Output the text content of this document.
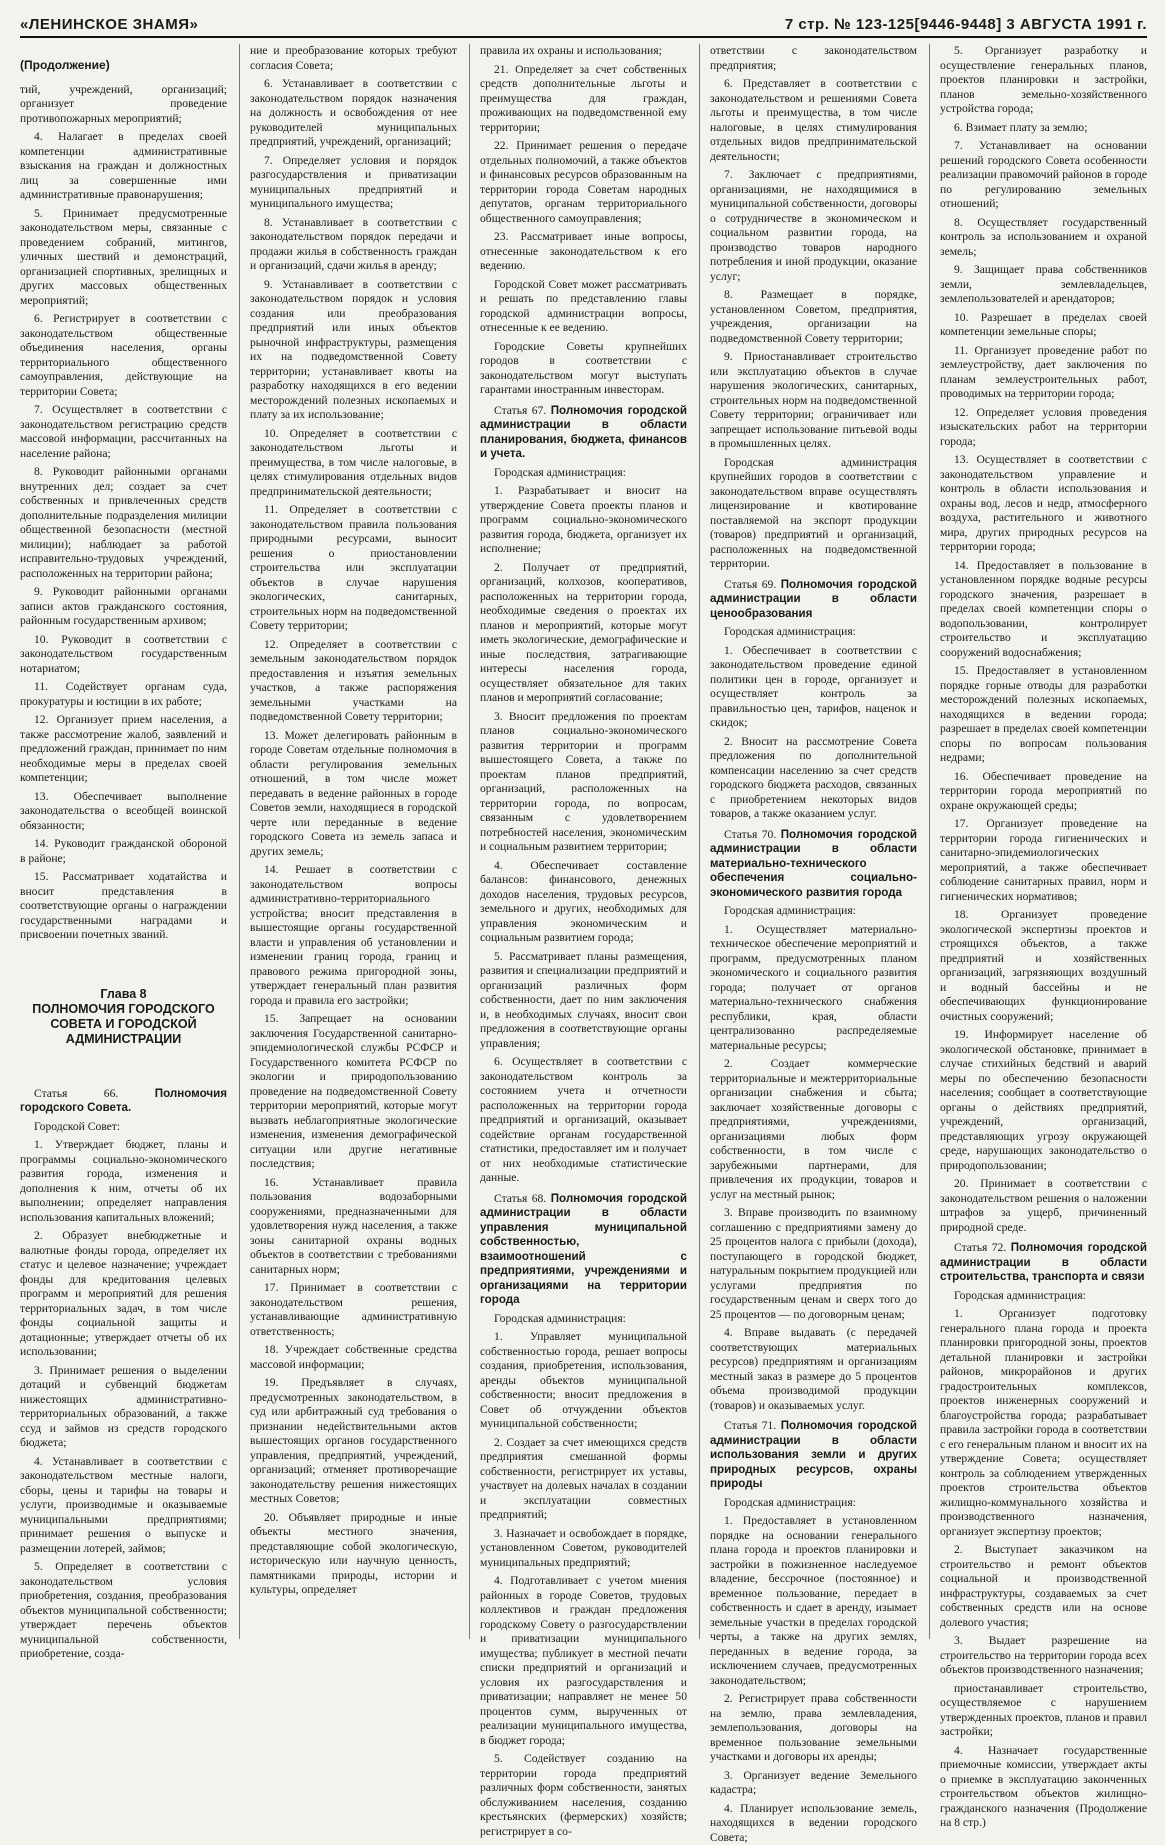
«ЛЕНИНСКОЕ ЗНАМЯ»	7 стр. № 123-125[9446-9448] 3 АВГУСТА 1991 г.

(Продолжение)

тий, учреждений, организаций; организует проведение противопожарных мероприятий;

4. Налагает в пределах своей компетенции административные взыскания на граждан и должностных лиц за совершенные ими административные правонарушения;

5. Принимает предусмотренные законодательством меры, связанные с проведением собраний, митингов, уличных шествий и демонстраций, организацией спортивных, зрелищных и других массовых общественных мероприятий;

6. Регистрирует в соответствии с законодательством общественные объединения населения, органы территориального общественного самоуправления, действующие на территории Совета;

7. Осуществляет в соответствии с законодательством регистрацию средств массовой информации, рассчитанных на население района;

8. Руководит районными органами внутренних дел; создает за счет собственных и привлеченных средств дополнительные подразделения милиции общественной безопасности (местной милиции); наблюдает за работой исправительно-трудовых учреждений, расположенных на территории района;

9. Руководит районными органами записи актов гражданского состояния, районным государственным архивом;

10. Руководит в соответствии с законодательством государственным нотариатом;

11. Содействует органам суда, прокуратуры и юстиции в их работе;

12. Организует прием населения, а также рассмотрение жалоб, заявлений и предложений граждан, принимает по ним необходимые меры в пределах своей компетенции;

13. Обеспечивает выполнение законодательства о всеобщей воинской обязанности;

14. Руководит гражданской обороной в районе;

15. Рассматривает ходатайства и вносит представления в соответствующие органы о награждении государственными наградами и присвоении почетных званий.

Глава 8
ПОЛНОМОЧИЯ ГОРОДСКОГО СОВЕТА И ГОРОДСКОЙ АДМИНИСТРАЦИИ

Статья 66.	Полномочия городского Совета.

Городской Совет:

1. Утверждает бюджет, планы и программы социально-экономического развития города, изменения и дополнения к ним, отчеты об их выполнении; определяет направления использования капитальных вложений;

2. Образует внебюджетные и валютные фонды города, определяет их статус и целевое назначение; учреждает фонды для кредитования целевых программ и мероприятий для решения территориальных задач, в том числе фонды социальной защиты и дотационные; утверждает отчеты об их использовании;

3. Принимает решения о выделении дотаций и субвенций бюджетам нижестоящих административно-территориальных образований, а также ссуд и займов из средств городского бюджета;

4. Устанавливает в соответствии с законодательством местные налоги, сборы, цены и тарифы на товары и услуги, производимые и оказываемые муниципальными предприятиями; принимает решения о выпуске и размещении лотерей, займов;

5. Определяет в соответствии с законодательством условия приобретения, создания, преобразования объектов муниципальной собственности; утверждает перечень объектов муниципальной собственности, приобретение, созда-

ние и преобразование которых требуют согласия Совета;

6. Устанавливает в соответствии с законодательством порядок назначения на должность и освобождения от нее руководителей муниципальных предприятий, учреждений, организаций;

7. Определяет условия и порядок разгосударствления и приватизации муниципальных предприятий и муниципального имущества;

8. Устанавливает в соответствии с законодательством порядок передачи и продажи жилья в собственность граждан и организаций, сдачи жилья в аренду;

9. Устанавливает в соответствии с законодательством порядок и условия создания или преобразования предприятий или иных объектов рыночной инфраструктуры, размещения их на подведомственной Совету территории; устанавливает квоты на разработку находящихся в его ведении месторождений полезных ископаемых и плату за их использование;

10. Определяет в соответствии с законодательством льготы и преимущества, в том числе налоговые, в целях стимулирования отдельных видов предпринимательской деятельности;

11. Определяет в соответствии с законодательством правила пользования природными ресурсами, выносит решения о приостановлении строительства или эксплуатации объектов в случае нарушения экологических, санитарных, строительных норм на подведомственной Совету территории;

12. Определяет в соответствии с земельным законодательством порядок предоставления и изъятия земельных участков, а также распоряжения земельными участками на подведомственной Совету территории;

13. Может делегировать районным в городе Советам отдельные полномочия в области регулирования земельных отношений, в том числе может передавать в ведение районных в городе Советов земли, находящиеся в городской черте или переданные в ведение городского Совета из земель запаса и других земель;

14. Решает в соответствии с законодательством вопросы административно-территориального устройства; вносит представления в вышестоящие органы государственной власти и управления об установлении и изменении границ города, границ и правового режима пригородной зоны, утверждает генеральный план развития города и правила его застройки;

15. Запрещает на основании заключения Государственной санитарно-эпидемиологической службы РСФСР и Государственного комитета РСФСР по экологии и природопользованию проведение на подведомственной Совету территории мероприятий, которые могут вызвать неблагоприятные экологические изменения, изменения демографической ситуации или другие негативные последствия;

16. Устанавливает правила пользования водозаборными сооружениями, предназначенными для удовлетворения нужд населения, а также зоны санитарной охраны водных объектов в соответствии с требованиями санитарных норм;

17. Принимает в соответствии с законодательством решения, устанавливающие административную ответственность;

18. Учреждает собственные средства массовой информации;

19. Предъявляет в случаях, предусмотренных законодательством, в суд или арбитражный суд требования о признании недействительными актов вышестоящих органов государственного управления, предприятий, учреждений, организаций; отменяет противоречащие законодательству решения нижестоящих местных Советов;

20. Объявляет природные и иные объекты местного значения, представляющие собой экологическую, историческую или научную ценность, памятниками природы, истории и культуры, определяет

правила их охраны и использования;

21. Определяет за счет собственных средств дополнительные льготы и преимущества для граждан, проживающих на подведомственной ему территории;

22. Принимает решения о передаче отдельных полномочий, а также объектов и финансовых ресурсов образованным на территории города Советам народных депутатов, органам территориального общественного самоуправления;

23. Рассматривает иные вопросы, отнесенные законодательством к его ведению.

Городской Совет может рассматривать и решать по представлению главы городской администрации вопросы, отнесенные к ее ведению.

Городские Советы крупнейших городов в соответствии с законодательством могут выступать гарантами иностранным инвесторам.

Статья 67. Полномочия городской администрации в области планирования, бюджета, финансов и учета.

Городская администрация:

1. Разрабатывает и вносит на утверждение Совета проекты планов и программ социально-экономического развития города, бюджета, организует их исполнение;

2. Получает от предприятий, организаций, колхозов, кооперативов, расположенных на территории города, необходимые сведения о проектах их планов и мероприятий, которые могут иметь экологические, демографические и иные последствия, затрагивающие интересы населения города, осуществляет обязательное для таких планов и мероприятий согласование;

3. Вносит предложения по проектам планов социально-экономического развития территории и программ вышестоящего Совета, а также по проектам планов предприятий, организаций, расположенных на территории города, по вопросам, связанным с удовлетворением потребностей населения, экономическим и социальным развитием территории;

4. Обеспечивает составление балансов: финансового, денежных доходов населения, трудовых ресурсов, земельного и других, необходимых для управления экономическим и социальным развитием города;

5. Рассматривает планы размещения, развития и специализации предприятий и организаций различных форм собственности, дает по ним заключения и, в необходимых случаях, вносит свои предложения в соответствующие органы управления;

6. Осуществляет в соответствии с законодательством контроль за состоянием учета и отчетности расположенных на территории города предприятий и организаций, оказывает содействие органам государственной статистики, предоставляет им и получает от них необходимые статистические данные.

Статья 68. Полномочия городской администрации в области управления муниципальной собственностью, взаимоотношений с предприятиями, учреждениями и организациями на территории города

Городская администрация:

1. Управляет муниципальной собственностью города, решает вопросы создания, приобретения, использования, аренды объектов муниципальной собственности; вносит предложения в Совет об отчуждении объектов муниципальной собственности;

2. Создает за счет имеющихся средств предприятия смешанной формы собственности, регистрирует их уставы, участвует на долевых началах в создании и эксплуатации совместных предприятий;

3. Назначает и освобождает в порядке, установленном Советом, руководителей муниципальных предприятий;

4. Подготавливает с учетом мнения районных в городе Советов, трудовых коллективов и граждан предложения городскому Совету о разгосударствлении и приватизации муниципального имущества; публикует в местной печати списки предприятий и организаций и условия их разгосударствления и приватизации; направляет не менее 50 процентов сумм, вырученных от реализации муниципального имущества, в бюджет города;

5. Содействует созданию на территории города предприятий различных форм собственности, занятых обслуживанием населения, созданию крестьянских (фермерских) хозяйств; регистрирует в со-

ответствии с законодательством предприятия;

6. Представляет в соответствии с законодательством и решениями Совета льготы и преимущества, в том числе налоговые, в целях стимулирования отдельных видов предпринимательской деятельности;

7. Заключает с предприятиями, организациями, не находящимися в муниципальной собственности, договоры о сотрудничестве в экономическом и социальном развитии города, на производство товаров народного потребления и иной продукции, оказание услуг;

8. Размещает в порядке, установленном Советом, предприятия, учреждения, организации на подведомственной Совету территории;

9. Приостанавливает строительство или эксплуатацию объектов в случае нарушения экологических, санитарных, строительных норм на подведомственной Совету территории; ограничивает или запрещает использование питьевой воды в промышленных целях.

Городская администрация крупнейших городов в соответствии с законодательством вправе осуществлять лицензирование и квотирование поставляемой на экспорт продукции (товаров) предприятий и организаций, расположенных на подведомственной территории.

Статья 69. Полномочия городской администрации в области ценообразования

Городская администрация:

1. Обеспечивает в соответствии с законодательством проведение единой политики цен в городе, организует и осуществляет контроль за правильностью цен, тарифов, наценок и скидок;

2. Вносит на рассмотрение Совета предложения по дополнительной компенсации населению за счет средств городского бюджета расходов, связанных с приобретением некоторых видов товаров, а также оказанием услуг.

Статья 70. Полномочия городской администрации в области материально-технического обеспечения социально-экономического развития города

Городская администрация:

1. Осуществляет материально-техническое обеспечение мероприятий и программ, предусмотренных планом экономического и социального развития города; получает от органов материально-технического снабжения республики, края, области централизованно распределяемые материальные ресурсы;

2. Создает коммерческие территориальные и межтерриториальные организации снабжения и сбыта; заключает хозяйственные договоры с предприятиями, учреждениями, организациями любых форм собственности, в том числе с зарубежными партнерами, для привлечения их продукции, товаров и услуг на местный рынок;

3. Вправе производить по взаимному соглашению с предприятиями замену до 25 процентов налога с прибыли (дохода), поступающего в городской бюджет, натуральным покрытием продукцией или услугами предприятия по государственным ценам и сверх того до 25 процентов — по договорным ценам;

4. Вправе выдавать (с передачей соответствующих материальных ресурсов) предприятиям и организациям местный заказ в размере до 5 процентов объема производимой продукции (товаров) и оказываемых услуг.

Статья 71. Полномочия городской администрации в области использования земли и других природных ресурсов, охраны природы

Городская администрация:

1. Предоставляет в установленном порядке на основании генерального плана города и проектов планировки и застройки в пожизненное наследуемое владение, бессрочное (постоянное) и временное пользование, передает в собственность и сдает в аренду, изымает земельные участки в пределах городской черты, а также на других землях, переданных в ведение города, за исключением случаев, предусмотренных законодательством;

2. Регистрирует права собственности на землю, права землевладения, землепользования, договоры на временное пользование земельными участками и договоры их аренды;

3. Организует ведение Земельного кадастра;

4. Планирует использование земель, находящихся в ведении городского Совета;

5. Организует разработку и осуществление генеральных планов, проектов планировки и застройки, планов земельно-хозяйственного устройства города;

6. Взимает плату за землю;

7. Устанавливает на основании решений городского Совета особенности реализации правомочий районов в городе по регулированию земельных отношений;

8. Осуществляет государственный контроль за использованием и охраной земель;

9. Защищает права собственников земли, землевладельцев, землепользователей и арендаторов;

10. Разрешает в пределах своей компетенции земельные споры;

11. Организует проведение работ по землеустройству, дает заключения по планам землеустроительных работ, проводимых на территории города;

12. Определяет условия проведения изыскательских работ на территории города;

13. Осуществляет в соответствии с законодательством управление и контроль в области использования и охраны вод, лесов и недр, атмосферного воздуха, растительного и животного мира, других природных ресурсов на территории города;

14. Предоставляет в пользование в установленном порядке водные ресурсы городского значения, разрешает в пределах своей компетенции споры о водопользовании, контролирует строительство и эксплуатацию сооружений водоснабжения;

15. Предоставляет в установленном порядке горные отводы для разработки месторождений полезных ископаемых, находящихся в ведении города; разрешает в пределах своей компетенции споры по вопросам пользования недрами;

16. Обеспечивает проведение на территории города мероприятий по охране окружающей среды;

17. Организует проведение на территории города гигиенических и санитарно-эпидемиологических мероприятий, а также обеспечивает соблюдение санитарных правил, норм и гигиенических нормативов;

18. Организует проведение экологической экспертизы проектов и строящихся объектов, а также предприятий и хозяйственных организаций, загрязняющих воздушный и водный бассейны и не обеспечивающих функционирование очистных сооружений;

19. Информирует население об экологической обстановке, принимает в случае стихийных бедствий и аварий меры по обеспечению безопасности населения; сообщает в соответствующие органы о действиях предприятий, учреждений, организаций, представляющих угрозу окружающей среде, нарушающих законодательство о природопользовании;

20. Принимает в соответствии с законодательством решения о наложении штрафов за ущерб, причиненный природной среде.

Статья 72. Полномочия городской администрации в области строительства, транспорта и связи

Городская администрация:

1. Организует подготовку генерального плана города и проекта планировки пригородной зоны, проектов детальной планировки и застройки районов, микрорайонов и других градостроительных комплексов, проектов инженерных сооружений и благоустройства города; разрабатывает правила застройки города в соответствии с его генеральным планом и вносит их на утверждение Совета; осуществляет контроль за соблюдением утвержденных проектов строительства объектов жилищно-коммунального хозяйства и производственного назначения, организует экспертизу проектов;

2. Выступает заказчиком на строительство и ремонт объектов социальной и производственной инфраструктуры, создаваемых за счет собственных средств или на основе долевого участия;

3. Выдает разрешение на строительство на территории города всех объектов производственного назначения;

приостанавливает строительство, осуществляемое с нарушением утвержденных проектов, планов и правил застройки;

4. Назначает государственные приемочные комиссии, утверждает акты о приемке в эксплуатацию законченных строительством объектов жилищно-гражданского назначения (Продолжение на 8 стр.)
